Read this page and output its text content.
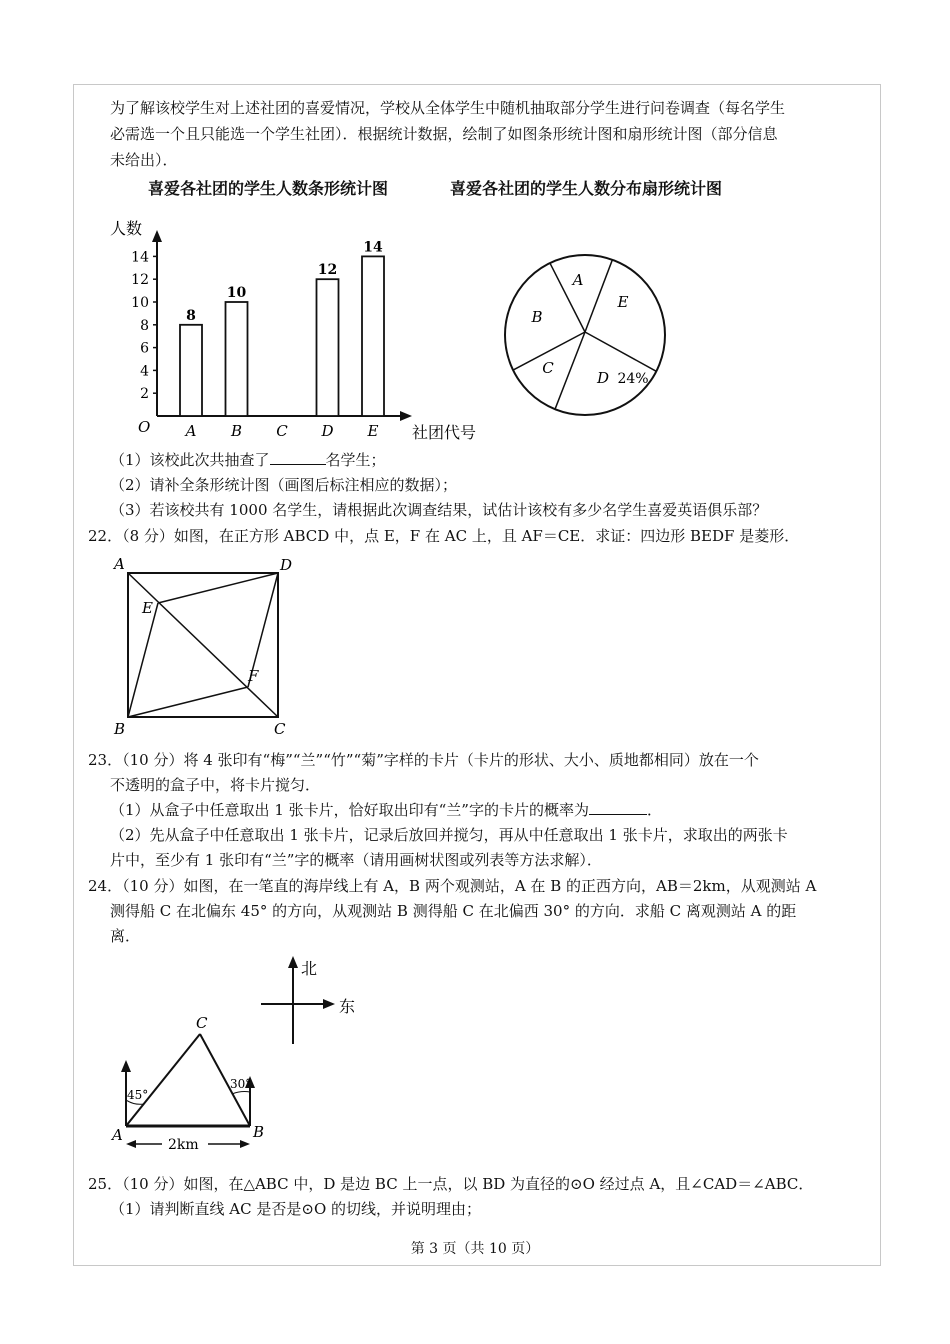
为了解该校学生对上述社团的喜爱情况，学校从全体学生中随机抽取部分学生进行问卷调查（每名学生
必需选一个且只能选一个学生社团）．根据统计数据，绘制了如图条形统计图和扇形统计图（部分信息
未给出）．
喜爱各社团的学生人数条形统计图	喜爱各社团的学生人数分布扇形统计图
人数
社团代号
O
2
4
6
8
10
12
14
8
A
10
B C
12
D
14
E
A
E
D 24%
C
B
（1）该校此次共抽查了	名学生；
（2）请补全条形统计图（画图后标注相应的数据）；
（3）若该校共有 1000 名学生，请根据此次调查结果，试估计该校有多少名学生喜爱英语俱乐部？
22．（8 分）如图，在正方形 ABCD 中，点 E，F 在 AC 上，且 AF＝CE．求证：四边形 BEDF 是菱形．
A	D
B	C
E
F
23．（10 分）将 4 张印有“梅”“兰”“竹”“菊”字样的卡片（卡片的形状、大小、质地都相同）放在一个
不透明的盒子中，将卡片搅匀．
（1）从盒子中任意取出 1 张卡片，恰好取出印有“兰”字的卡片的概率为	．
（2）先从盒子中任意取出 1 张卡片，记录后放回并搅匀，再从中任意取出 1 张卡片，求取出的两张卡
片中，至少有 1 张印有“兰”字的概率（请用画树状图或列表等方法求解）．
24．（10 分）如图，在一笔直的海岸线上有 A，B 两个观测站，A 在 B 的正西方向，AB＝2km，从观测站 A
测得船 C 在北偏东 45° 的方向，从观测站 B 测得船 C 在北偏西 30° 的方向．求船 C 离观测站 A 的距
离．
北
东
45°
30°
2km
A	B
C
25．（10 分）如图，在△ABC 中，D 是边 BC 上一点，以 BD 为直径的⊙O 经过点 A，且∠CAD＝∠ABC．
（1）请判断直线 AC 是否是⊙O 的切线，并说明理由；
第 3 页（共 10 页）
